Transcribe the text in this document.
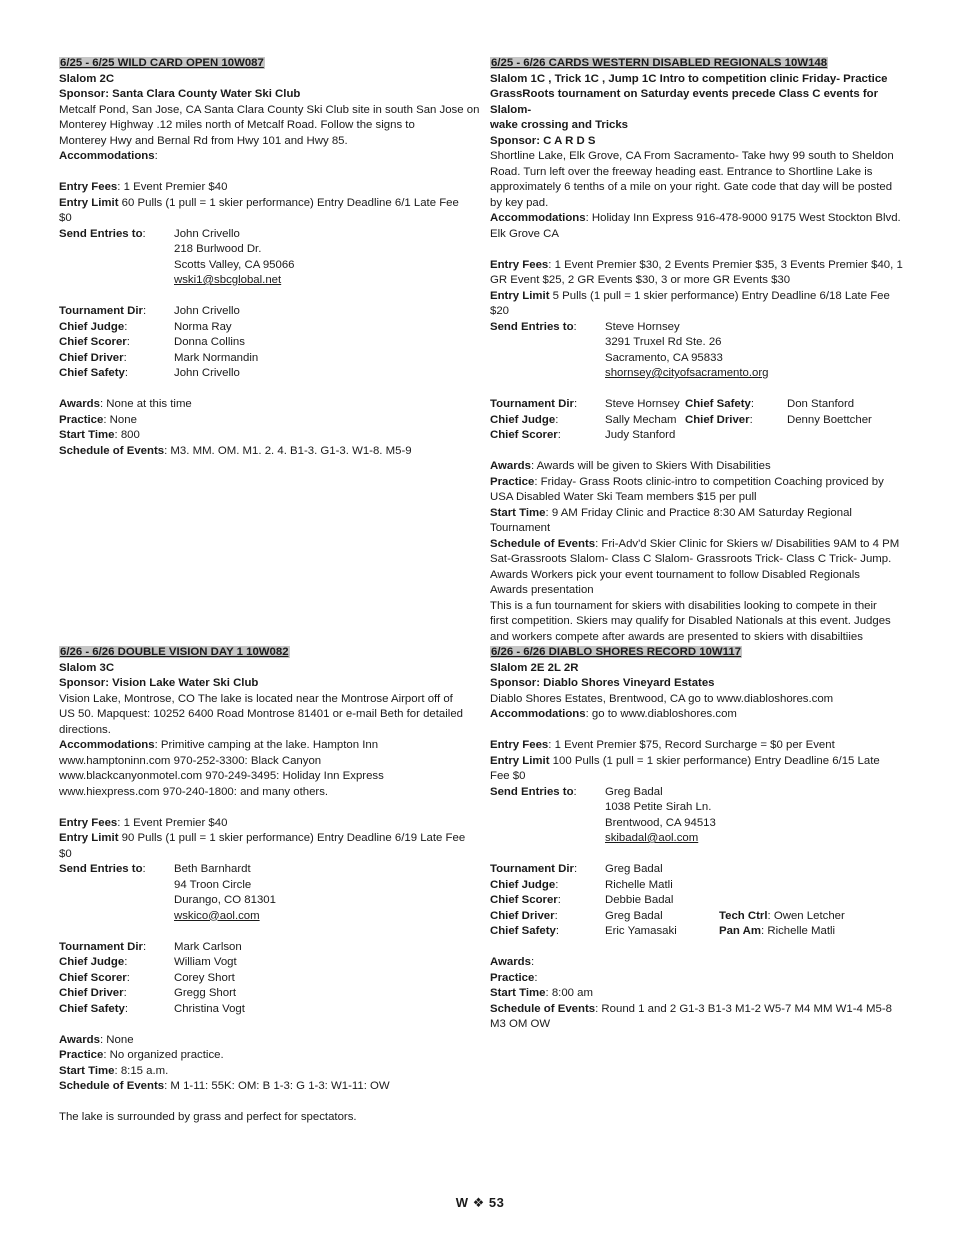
6/25 - 6/25 WILD CARD OPEN 10W087
Slalom 2C
Sponsor: Santa Clara County Water Ski Club
Metcalf Pond, San Jose, CA Santa Clara County Ski Club site in south San Jose on
Monterey Highway .12 miles north of Metcalf Road. Follow the signs to
Monterey Hwy and Bernal Rd from Hwy 101 and Hwy 85.
Accommodations:
Entry Fees: 1 Event Premier $40
Entry Limit 60 Pulls (1 pull = 1 skier performance) Entry Deadline 6/1 Late Fee
$0
Send Entries to:	John Crivello
218 Burlwood Dr.
Scotts Valley, CA 95066
wski1@sbcglobal.net
Tournament Dir:	John Crivello
Chief Judge:	Norma Ray
Chief Scorer:	Donna Collins
Chief Driver:	Mark Normandin
Chief Safety:	John Crivello
Awards: None at this time
Practice: None
Start Time: 800
Schedule of Events: M3. MM. OM. M1. 2. 4. B1-3. G1-3. W1-8. M5-9
6/26 - 6/26 DOUBLE VISION DAY 1 10W082
Slalom 3C
Sponsor: Vision Lake Water Ski Club
Vision Lake, Montrose, CO The lake is located near the Montrose Airport off of
US 50. Mapquest: 10252 6400 Road Montrose 81401 or e-mail Beth for detailed
directions.
Accommodations: Primitive camping at the lake. Hampton Inn
www.hamptoninn.com 970-252-3300: Black Canyon
www.blackcanyonmotel.com 970-249-3495: Holiday Inn Express
www.hiexpress.com 970-240-1800: and many others.
Entry Fees: 1 Event Premier $40
Entry Limit 90 Pulls (1 pull = 1 skier performance) Entry Deadline 6/19 Late Fee
$0
Send Entries to:	Beth Barnhardt
94 Troon Circle
Durango, CO 81301
wskico@aol.com
Tournament Dir:	Mark Carlson
Chief Judge:	William Vogt
Chief Scorer:	Corey Short
Chief Driver:	Gregg Short
Chief Safety:	Christina Vogt
Awards: None
Practice: No organized practice.
Start Time: 8:15 a.m.
Schedule of Events: M 1-11: 55K: OM: B 1-3: G 1-3: W1-11: OW
The lake is surrounded by grass and perfect for spectators.
6/25 - 6/26 CARDS WESTERN DISABLED REGIONALS 10W148
Slalom 1C , Trick 1C , Jump 1C Intro to competition clinic Friday- Practice
GrassRoots tournament on Saturday events precede Class C events for Slalom-
wake crossing and Tricks
Sponsor: C A R D S
Shortline Lake, Elk Grove, CA From Sacramento- Take hwy 99 south to Sheldon
Road. Turn left over the freeway heading east. Entrance to Shortline Lake is
approximately 6 tenths of a mile on your right. Gate code that day will be posted
by key pad.
Accommodations: Holiday Inn Express 916-478-9000 9175 West Stockton Blvd.
Elk Grove CA
Entry Fees: 1 Event Premier $30, 2 Events Premier $35, 3 Events Premier $40, 1
GR Event $25, 2 GR Events $30, 3 or more GR Events $30
Entry Limit 5 Pulls (1 pull = 1 skier performance) Entry Deadline 6/18 Late Fee
$20
Send Entries to:	Steve Hornsey
3291 Truxel Rd Ste. 26
Sacramento, CA 95833
shornsey@cityofsacramento.org
Tournament Dir:	Steve Hornsey Chief Safety:	Don Stanford
Chief Judge:	Sally Mecham Chief Driver:	Denny Boettcher
Chief Scorer:	Judy Stanford
Awards: Awards will be given to Skiers With Disabilities
Practice: Friday- Grass Roots clinic-intro to competition Coaching proviced by
USA Disabled Water Ski Team members $15 per pull
Start Time: 9 AM Friday Clinic and Practice 8:30 AM Saturday Regional
Tournament
Schedule of Events: Fri-Adv'd Skier Clinic for Skiers w/ Disabilities 9AM to 4 PM
Sat-Grassroots Slalom- Class C Slalom- Grassroots Trick- Class C Trick- Jump.
Awards Workers pick your event tournament to follow Disabled Regionals
Awards presentation
This is a fun tournament for skiers with disabilities looking to compete in their
first competition. Skiers may qualify for Disabled Nationals at this event. Judges
and workers compete after awards are presented to skiers with disabiltiies
6/26 - 6/26 DIABLO SHORES RECORD 10W117
Slalom 2E 2L 2R
Sponsor: Diablo Shores Vineyard Estates
Diablo Shores Estates, Brentwood, CA go to www.diabloshores.com
Accommodations: go to www.diabloshores.com
Entry Fees: 1 Event Premier $75, Record Surcharge = $0 per Event
Entry Limit 100 Pulls (1 pull = 1 skier performance) Entry Deadline 6/15 Late
Fee $0
Send Entries to:	Greg Badal
1038 Petite Sirah Ln.
Brentwood, CA 94513
skibadal@aol.com
Tournament Dir:	Greg Badal
Chief Judge:	Richelle Matli
Chief Scorer:	Debbie Badal
Chief Driver:	Greg Badal	Tech Ctrl : Owen Letcher
Chief Safety:	Eric Yamasaki	Pan Am : Richelle Matli
Awards:
Practice:
Start Time: 8:00 am
Schedule of Events: Round 1 and 2 G1-3 B1-3 M1-2 W5-7 M4 MM W1-4 M5-8
M3 OM OW
W ❖ 53
